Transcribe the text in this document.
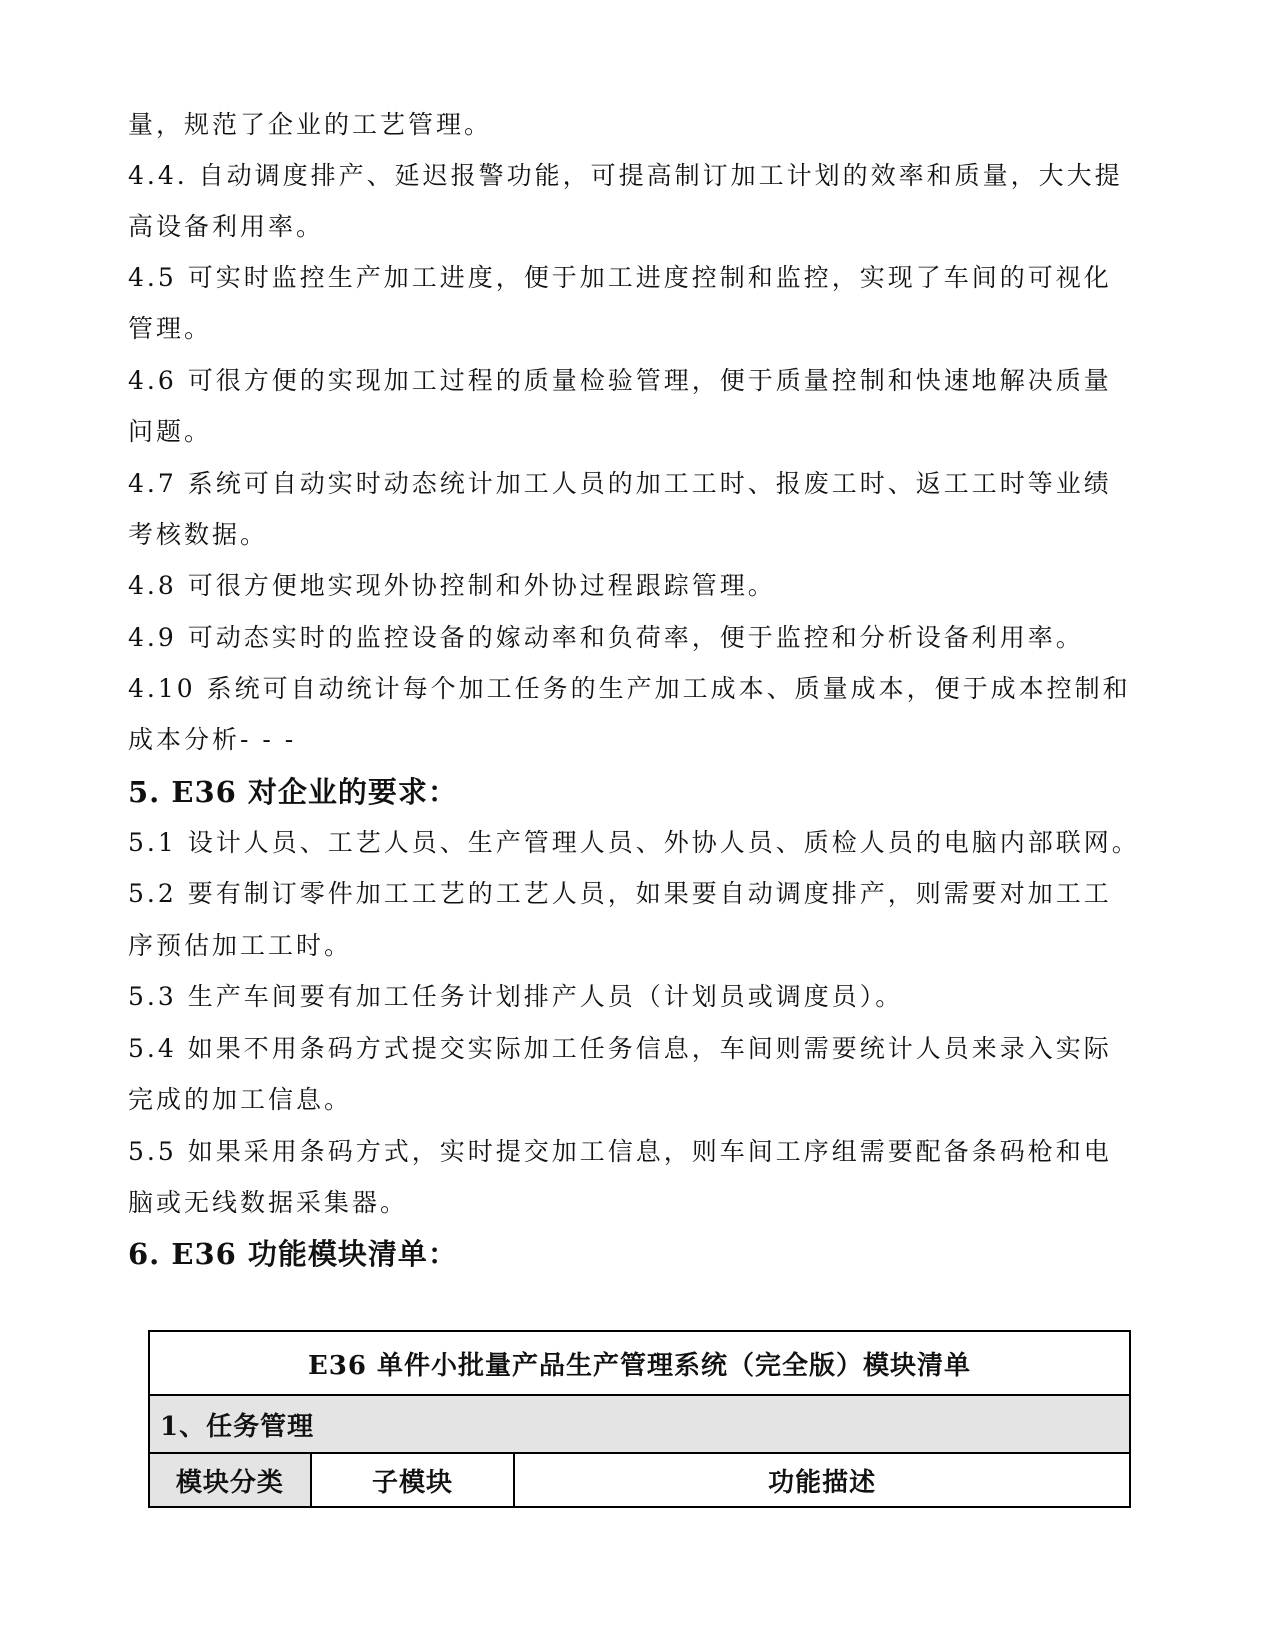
量，规范了企业的工艺管理。
4.4. 自动调度排产、延迟报警功能，可提高制订加工计划的效率和质量，大大提
高设备利用率。
4.5 可实时监控生产加工进度，便于加工进度控制和监控，实现了车间的可视化
管理。
4.6 可很方便的实现加工过程的质量检验管理，便于质量控制和快速地解决质量
问题。
4.7 系统可自动实时动态统计加工人员的加工工时、报废工时、返工工时等业绩
考核数据。
4.8 可很方便地实现外协控制和外协过程跟踪管理。
4.9 可动态实时的监控设备的嫁动率和负荷率，便于监控和分析设备利用率。
4.10 系统可自动统计每个加工任务的生产加工成本、质量成本，便于成本控制和
成本分析- - -
5. E36 对企业的要求：
5.1 设计人员、工艺人员、生产管理人员、外协人员、质检人员的电脑内部联网。
5.2 要有制订零件加工工艺的工艺人员，如果要自动调度排产，则需要对加工工
序预估加工工时。
5.3 生产车间要有加工任务计划排产人员（计划员或调度员）。
5.4 如果不用条码方式提交实际加工任务信息，车间则需要统计人员来录入实际
完成的加工信息。
5.5 如果采用条码方式，实时提交加工信息，则车间工序组需要配备条码枪和电
脑或无线数据采集器。
6. E36 功能模块清单：
E36 单件小批量产品生产管理系统（完全版）模块清单
1、任务管理
模块分类	子模块	功能描述
